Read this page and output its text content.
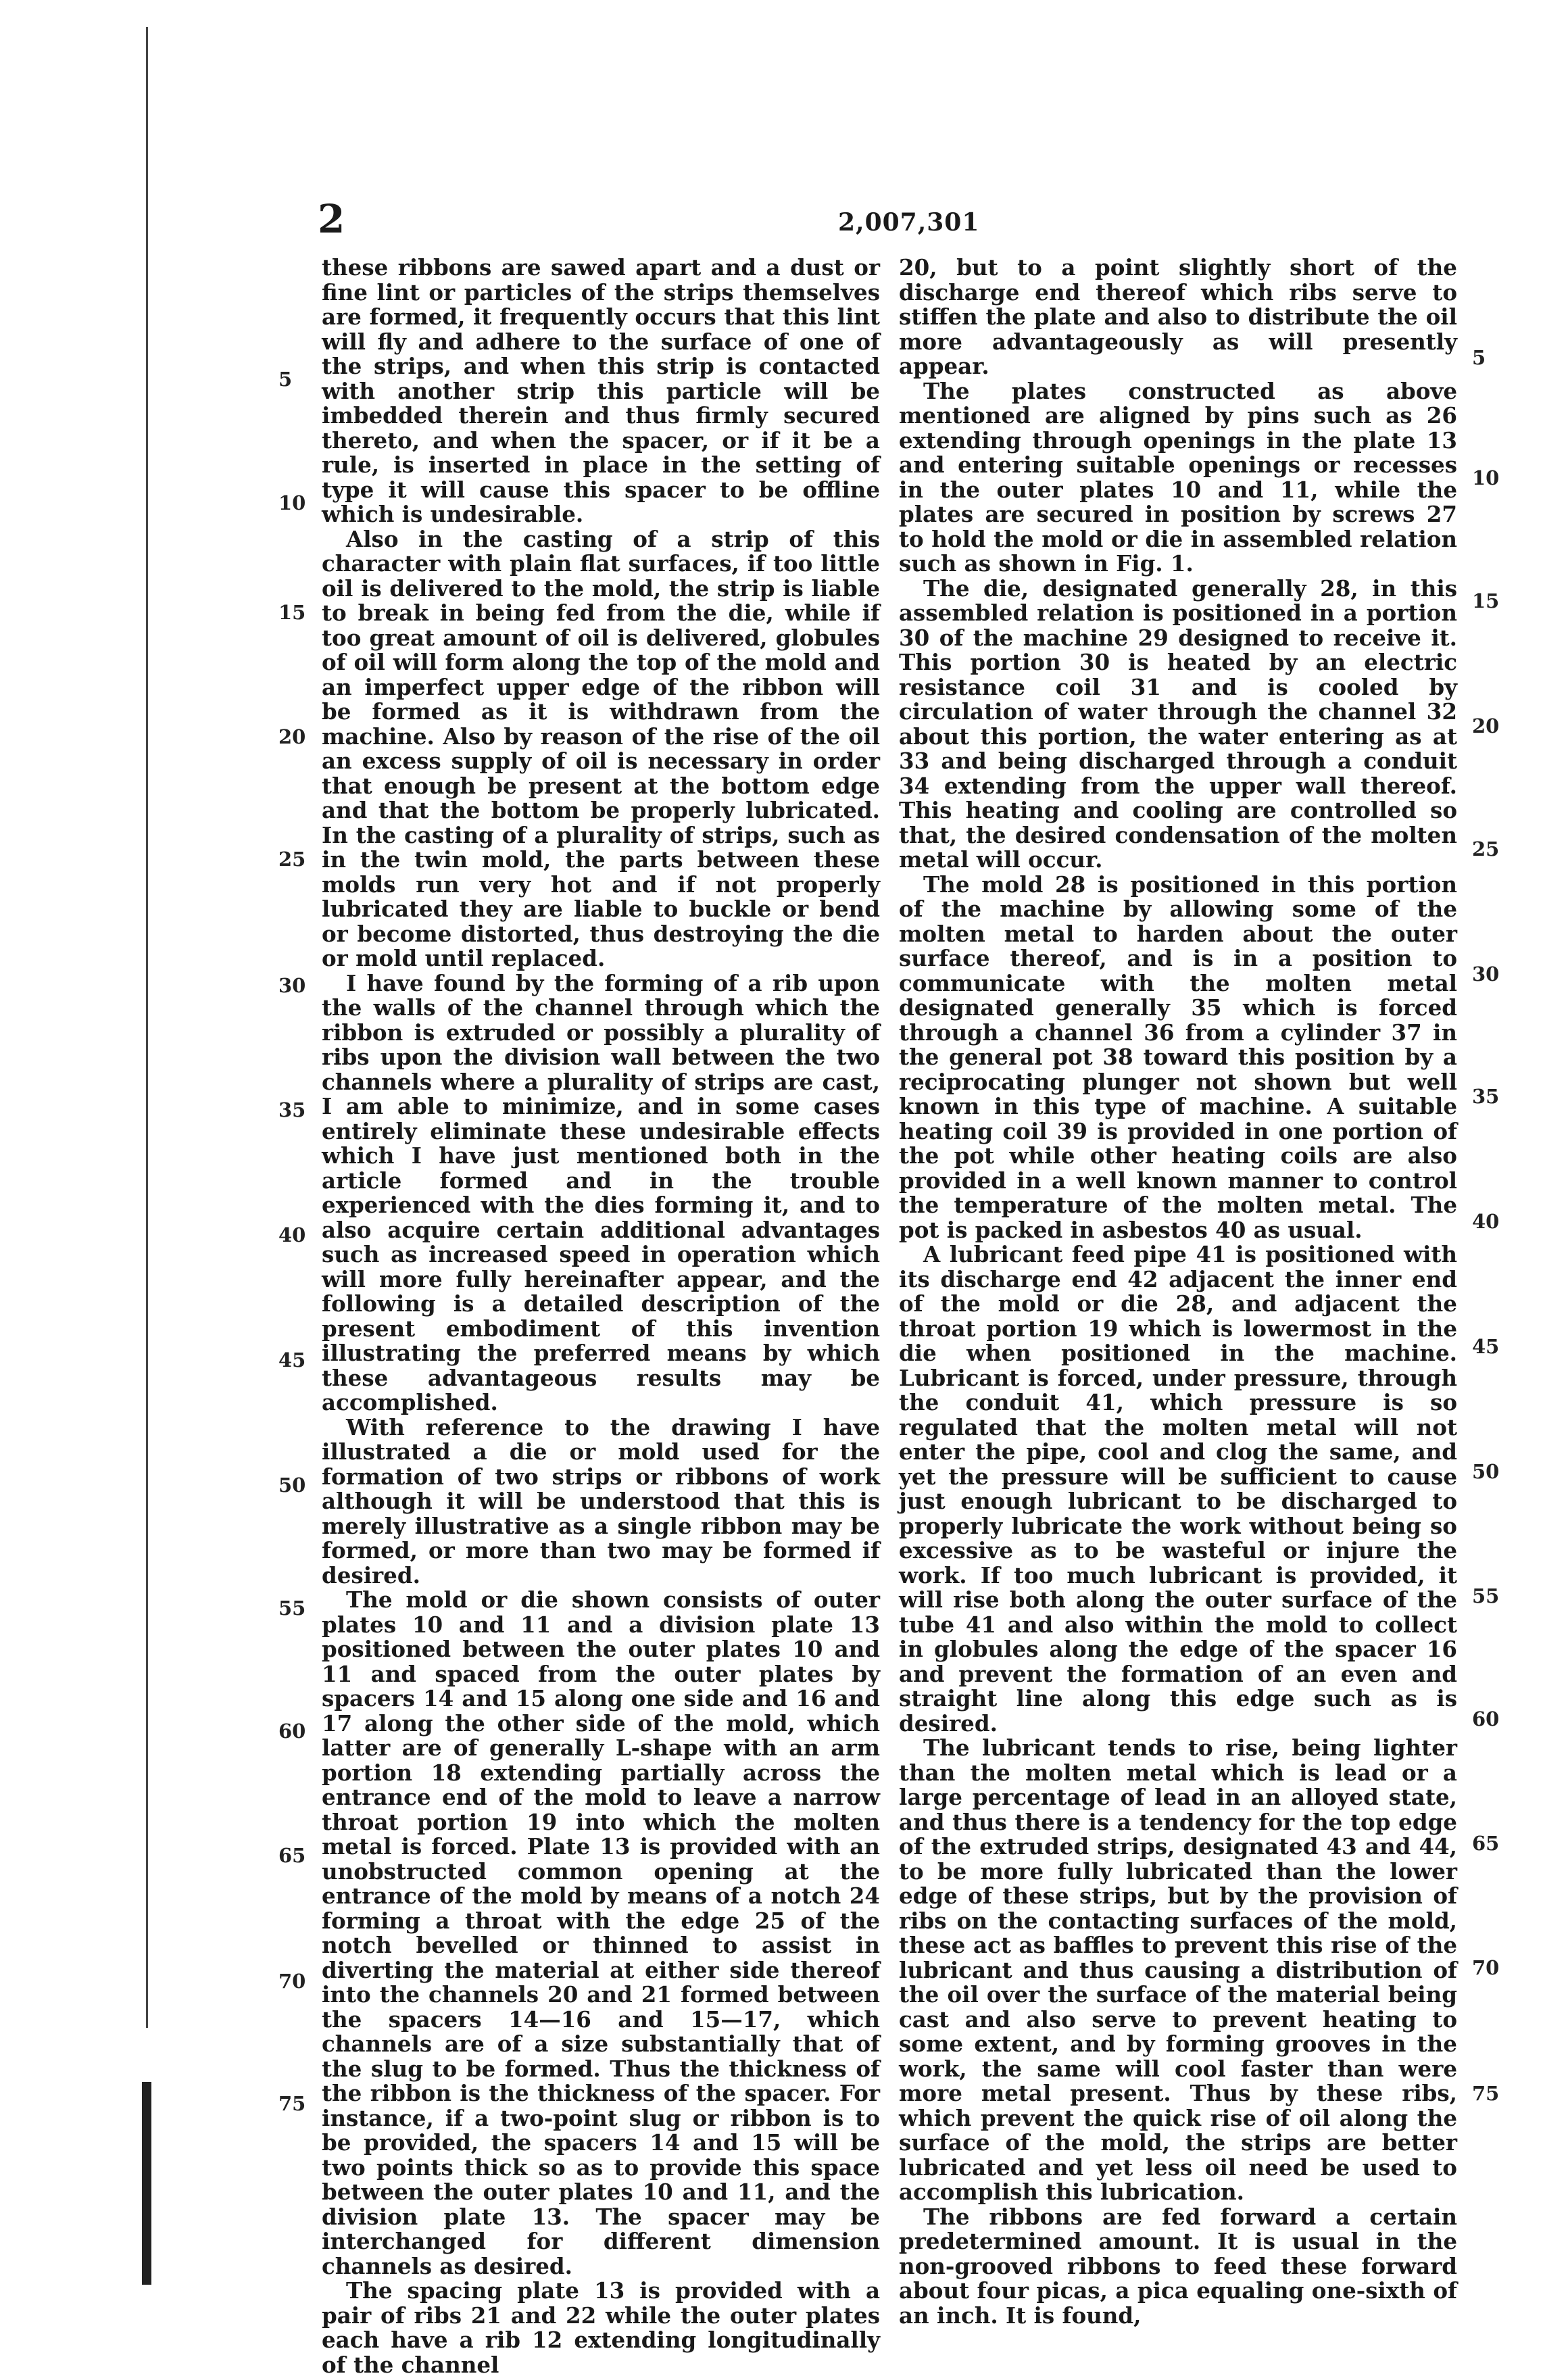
2	2,007,301

these ribbons are sawed apart and a dust or fine lint or particles of the strips themselves are formed, it frequently occurs that this lint will fly and adhere to the surface of one of the strips, and when this strip is contacted with another strip this particle will be imbedded therein and thus firmly secured thereto, and when the spacer, or if it be a rule, is inserted in place in the setting of type it will cause this spacer to be offline which is undesirable.

Also in the casting of a strip of this character with plain flat surfaces, if too little oil is delivered to the mold, the strip is liable to break in being fed from the die, while if too great amount of oil is delivered, globules of oil will form along the top of the mold and an imperfect upper edge of the ribbon will be formed as it is withdrawn from the machine. Also by reason of the rise of the oil an excess supply of oil is necessary in order that enough be present at the bottom edge and that the bottom be properly lubricated. In the casting of a plurality of strips, such as in the twin mold, the parts between these molds run very hot and if not properly lubricated they are liable to buckle or bend or become distorted, thus destroying the die or mold until replaced.

I have found by the forming of a rib upon the walls of the channel through which the ribbon is extruded or possibly a plurality of ribs upon the division wall between the two channels where a plurality of strips are cast, I am able to minimize, and in some cases entirely eliminate these undesirable effects which I have just mentioned both in the article formed and in the trouble experienced with the dies forming it, and to also acquire certain additional advantages such as increased speed in operation which will more fully hereinafter appear, and the following is a detailed description of the present embodiment of this invention illustrating the preferred means by which these advantageous results may be accomplished.

With reference to the drawing I have illustrated a die or mold used for the formation of two strips or ribbons of work although it will be understood that this is merely illustrative as a single ribbon may be formed, or more than two may be formed if desired.

The mold or die shown consists of outer plates 10 and 11 and a division plate 13 positioned between the outer plates 10 and 11 and spaced from the outer plates by spacers 14 and 15 along one side and 16 and 17 along the other side of the mold, which latter are of generally L-shape with an arm portion 18 extending partially across the entrance end of the mold to leave a narrow throat portion 19 into which the molten metal is forced. Plate 13 is provided with an unobstructed common opening at the entrance of the mold by means of a notch 24 forming a throat with the edge 25 of the notch bevelled or thinned to assist in diverting the material at either side thereof into the channels 20 and 21 formed between the spacers 14—16 and 15—17, which channels are of a size substantially that of the slug to be formed. Thus the thickness of the ribbon is the thickness of the spacer. For instance, if a two-point slug or ribbon is to be provided, the spacers 14 and 15 will be two points thick so as to provide this space between the outer plates 10 and 11, and the division plate 13. The spacer may be interchanged for different dimension channels as desired.

The spacing plate 13 is provided with a pair of ribs 21 and 22 while the outer plates each have a rib 12 extending longitudinally of the channel

20, but to a point slightly short of the discharge end thereof which ribs serve to stiffen the plate and also to distribute the oil more advantageously as will presently appear.

The plates constructed as above mentioned are aligned by pins such as 26 extending through openings in the plate 13 and entering suitable openings or recesses in the outer plates 10 and 11, while the plates are secured in position by screws 27 to hold the mold or die in assembled relation such as shown in Fig. 1.

The die, designated generally 28, in this assembled relation is positioned in a portion 30 of the machine 29 designed to receive it. This portion 30 is heated by an electric resistance coil 31 and is cooled by circulation of water through the channel 32 about this portion, the water entering as at 33 and being discharged through a conduit 34 extending from the upper wall thereof. This heating and cooling are controlled so that, the desired condensation of the molten metal will occur.

The mold 28 is positioned in this portion of the machine by allowing some of the molten metal to harden about the outer surface thereof, and is in a position to communicate with the molten metal designated generally 35 which is forced through a channel 36 from a cylinder 37 in the general pot 38 toward this position by a reciprocating plunger not shown but well known in this type of machine. A suitable heating coil 39 is provided in one portion of the pot while other heating coils are also provided in a well known manner to control the temperature of the molten metal. The pot is packed in asbestos 40 as usual.

A lubricant feed pipe 41 is positioned with its discharge end 42 adjacent the inner end of the mold or die 28, and adjacent the throat portion 19 which is lowermost in the die when positioned in the machine. Lubricant is forced, under pressure, through the conduit 41, which pressure is so regulated that the molten metal will not enter the pipe, cool and clog the same, and yet the pressure will be sufficient to cause just enough lubricant to be discharged to properly lubricate the work without being so excessive as to be wasteful or injure the work. If too much lubricant is provided, it will rise both along the outer surface of the tube 41 and also within the mold to collect in globules along the edge of the spacer 16 and prevent the formation of an even and straight line along this edge such as is desired.

The lubricant tends to rise, being lighter than the molten metal which is lead or a large percentage of lead in an alloyed state, and thus there is a tendency for the top edge of the extruded strips, designated 43 and 44, to be more fully lubricated than the lower edge of these strips, but by the provision of ribs on the contacting surfaces of the mold, these act as baffles to prevent this rise of the lubricant and thus causing a distribution of the oil over the surface of the material being cast and also serve to prevent heating to some extent, and by forming grooves in the work, the same will cool faster than were more metal present. Thus by these ribs, which prevent the quick rise of oil along the surface of the mold, the strips are better lubricated and yet less oil need be used to accomplish this lubrication.

The ribbons are fed forward a certain predetermined amount. It is usual in the non-grooved ribbons to feed these forward about four picas, a pica equaling one-sixth of an inch. It is found,

5
10
15
20
25
30
35
40
45
50
55
60
65
70
75
5
10
15
20
25
30
35
40
45
50
55
60
65
70
75
